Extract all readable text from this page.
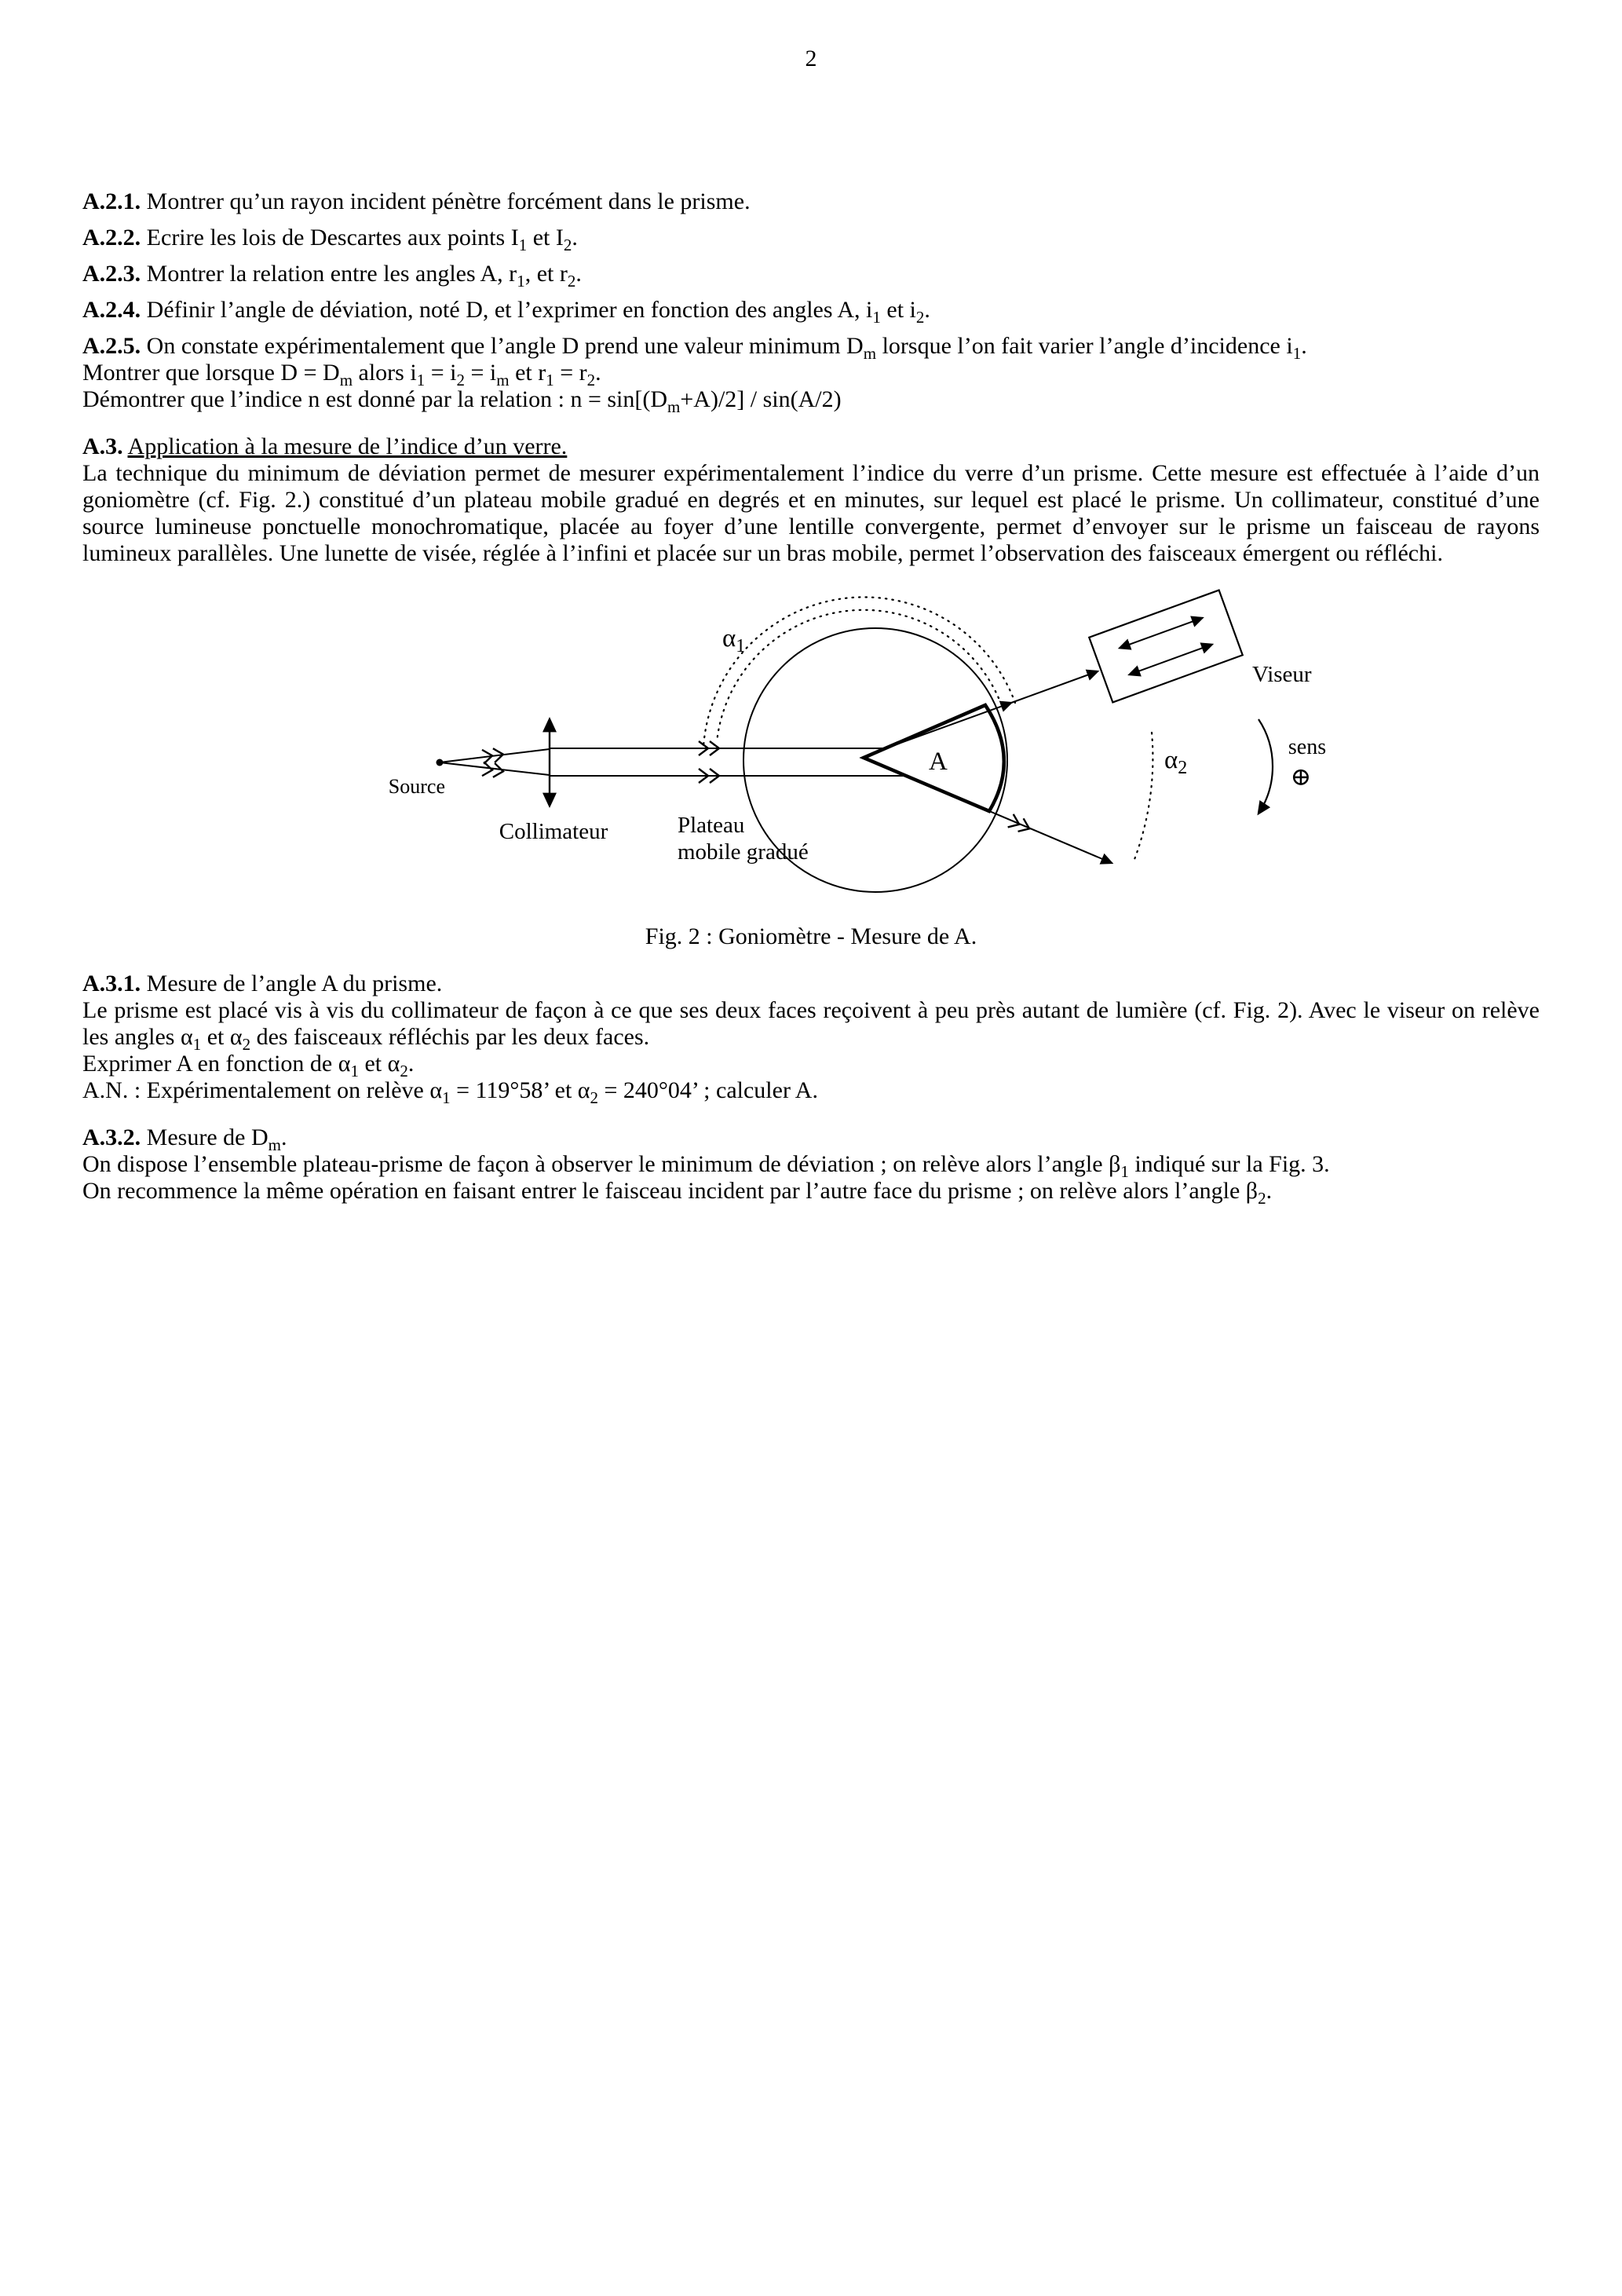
2

A.2.1. Montrer qu’un rayon incident pénètre forcément dans le prisme.

A.2.2. Ecrire les lois de Descartes aux points $I_1$ et $I_2$.

A.2.3. Montrer la relation entre les angles A, $r_1$, et $r_2$.

A.2.4. Définir l’angle de déviation, noté D, et l’exprimer en fonction des angles A, $i_1$ et $i_2$.

A.2.5. On constate expérimentalement que l’angle D prend une valeur minimum $D_m$ lorsque l’on fait varier l’angle d’incidence $i_1$.

Montrer que lorsque $D = D_m$ alors $i_1 = i_2 = i_m$ et $r_1 = r_2$.

Démontrer que l’indice n est donné par la relation : $n = \sin[(D_m+A)/2] / \sin(A/2)$

A.3. Application à la mesure de l’indice d’un verre.

La technique du minimum de déviation permet de mesurer expérimentalement l’indice du verre d’un prisme. Cette mesure est effectuée à l’aide d’un goniomètre (cf. Fig. 2.) constitué d’un plateau mobile gradué en degrés et en minutes, sur lequel est placé le prisme. Un collimateur, constitué d’une source lumineuse ponctuelle monochromatique, placée au foyer d’une lentille convergente, permet d’envoyer sur le prisme un faisceau de rayons lumineux parallèles. Une lunette de visée, réglée à l’infini et placée sur un bras mobile, permet l’observation des faisceaux émergent ou réfléchi.

Source
Collimateur
Viseur
Plateau
mobile gradué
A
$\alpha_1$
$\alpha_2$
sens
⊕
Fig. 2 : Goniomètre - Mesure de A.

A.3.1. Mesure de l’angle A du prisme.

Le prisme est placé vis à vis du collimateur de façon à ce que ses deux faces reçoivent à peu près autant de lumière (cf. Fig. 2). Avec le viseur on relève les angles $\alpha_1$ et $\alpha_2$ des faisceaux réfléchis par les deux faces.

Exprimer A en fonction de $\alpha_1$ et $\alpha_2$.

A.N. : Expérimentalement on relève $\alpha_1 = 119^\circ 58$’ et $\alpha_2 = 240^\circ 04$’ ; calculer A.

A.3.2. Mesure de $D_m$.

On dispose l’ensemble plateau-prisme de façon à observer le minimum de déviation ; on relève alors l’angle $\beta_1$ indiqué sur la Fig. 3.

On recommence la même opération en faisant entrer le faisceau incident par l’autre face du prisme ; on relève alors l’angle $\beta_2$.
